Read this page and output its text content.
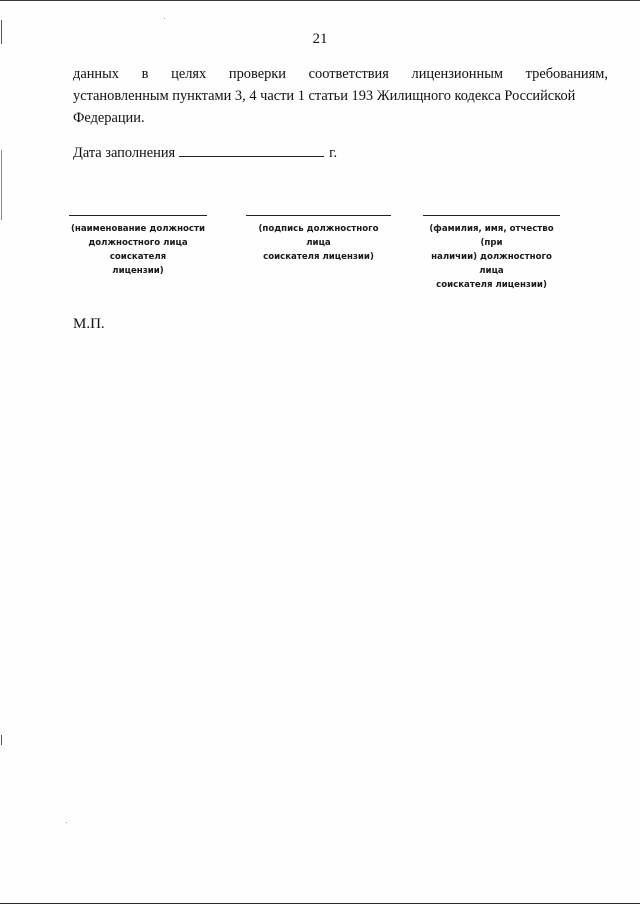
21
данных в целях проверки соответствия лицензионным требованиям,
установленным пунктами 3, 4 части 1 статьи 193 Жилищного кодекса Российской
Федерации.
Дата заполнения	г.
(наименование должности
должностного лица соискателя
лицензии)
(подпись должностного лица
соискателя лицензии)
(фамилия, имя, отчество (при
наличии) должностного лица
соискателя лицензии)
М.П.
